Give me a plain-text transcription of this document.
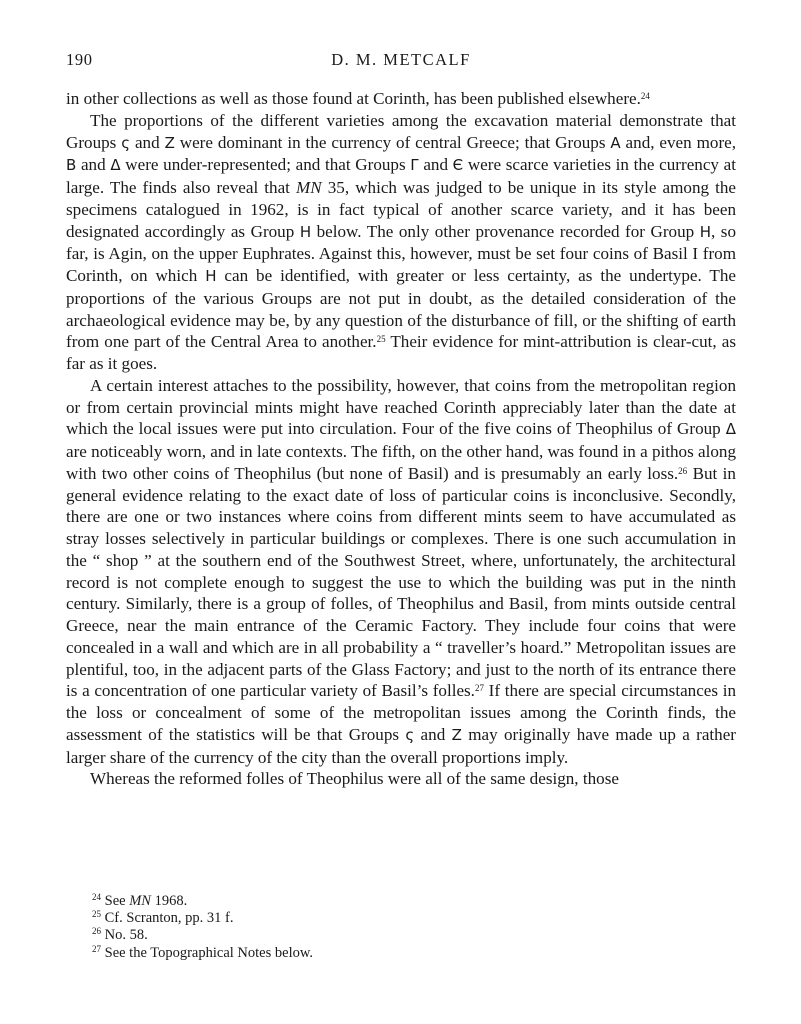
190	D. M. METCALF

in other collections as well as those found at Corinth, has been published elsewhere.$^{24}$

The proportions of the different varieties among the excavation material demonstrate that Groups ς and Z were dominant in the currency of central Greece; that Groups A and, even more, B and Δ were under-represented; and that Groups Γ and Є were scarce varieties in the currency at large. The finds also reveal that MN 35, which was judged to be unique in its style among the specimens catalogued in 1962, is in fact typical of another scarce variety, and it has been designated accordingly as Group H below. The only other provenance recorded for Group H, so far, is Agin, on the upper Euphrates. Against this, however, must be set four coins of Basil I from Corinth, on which H can be identified, with greater or less certainty, as the undertype. The proportions of the various Groups are not put in doubt, as the detailed consideration of the archaeological evidence may be, by any question of the disturbance of fill, or the shifting of earth from one part of the Central Area to another.$^{25}$ Their evidence for mint-attribution is clear-cut, as far as it goes.

A certain interest attaches to the possibility, however, that coins from the metropolitan region or from certain provincial mints might have reached Corinth appreciably later than the date at which the local issues were put into circulation. Four of the five coins of Theophilus of Group Δ are noticeably worn, and in late contexts. The fifth, on the other hand, was found in a pithos along with two other coins of Theophilus (but none of Basil) and is presumably an early loss.$^{26}$ But in general evidence relating to the exact date of loss of particular coins is inconclusive. Secondly, there are one or two instances where coins from different mints seem to have accumulated as stray losses selectively in particular buildings or complexes. There is one such accumulation in the “ shop ” at the southern end of the Southwest Street, where, unfortunately, the architectural record is not complete enough to suggest the use to which the building was put in the ninth century. Similarly, there is a group of folles, of Theophilus and Basil, from mints outside central Greece, near the main entrance of the Ceramic Factory. They include four coins that were concealed in a wall and which are in all probability a “ traveller’s hoard.” Metropolitan issues are plentiful, too, in the adjacent parts of the Glass Factory; and just to the north of its entrance there is a concentration of one particular variety of Basil’s folles.$^{27}$ If there are special circumstances in the loss or concealment of some of the metropolitan issues among the Corinth finds, the assessment of the statistics will be that Groups ς and Z may originally have made up a rather larger share of the currency of the city than the overall proportions imply.

Whereas the reformed folles of Theophilus were all of the same design, those

$^{24}$ See MN 1968.

$^{25}$ Cf. Scranton, pp. 31 f.

$^{26}$ No. 58.

$^{27}$ See the Topographical Notes below.
